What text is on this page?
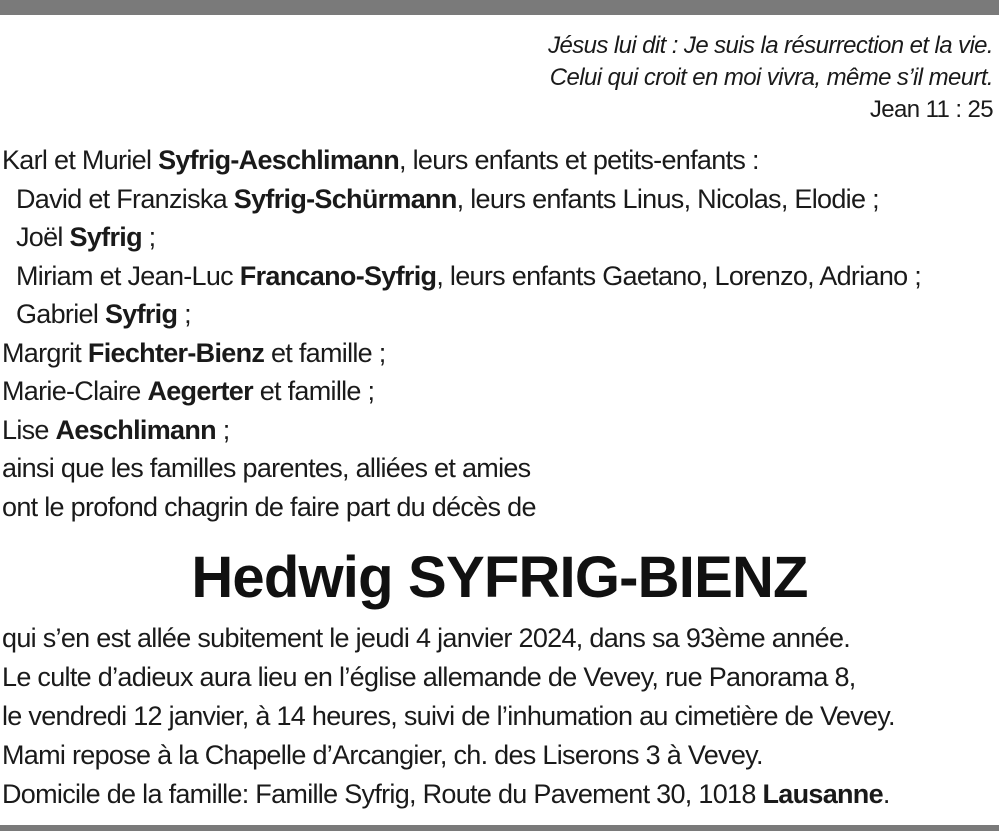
Jésus lui dit : Je suis la résurrection et la vie.
Celui qui croit en moi vivra, même s’il meurt.
Jean 11 : 25
Karl et Muriel Syfrig-Aeschlimann, leurs enfants et petits-enfants :
David et Franziska Syfrig-Schürmann, leurs enfants Linus, Nicolas, Elodie ;
Joël Syfrig ;
Miriam et Jean-Luc Francano-Syfrig, leurs enfants Gaetano, Lorenzo, Adriano ;
Gabriel Syfrig ;
Margrit Fiechter-Bienz et famille ;
Marie-Claire Aegerter et famille ;
Lise Aeschlimann ;
ainsi que les familles parentes, alliées et amies
ont le profond chagrin de faire part du décès de
Hedwig SYFRIG-BIENZ
qui s’en est allée subitement le jeudi 4 janvier 2024, dans sa 93ème année.
Le culte d’adieux aura lieu en l’église allemande de Vevey, rue Panorama 8,
le vendredi 12 janvier, à 14 heures, suivi de l’inhumation au cimetière de Vevey.
Mami repose à la Chapelle d’Arcangier, ch. des Liserons 3 à Vevey.
Domicile de la famille: Famille Syfrig, Route du Pavement 30, 1018 Lausanne.
